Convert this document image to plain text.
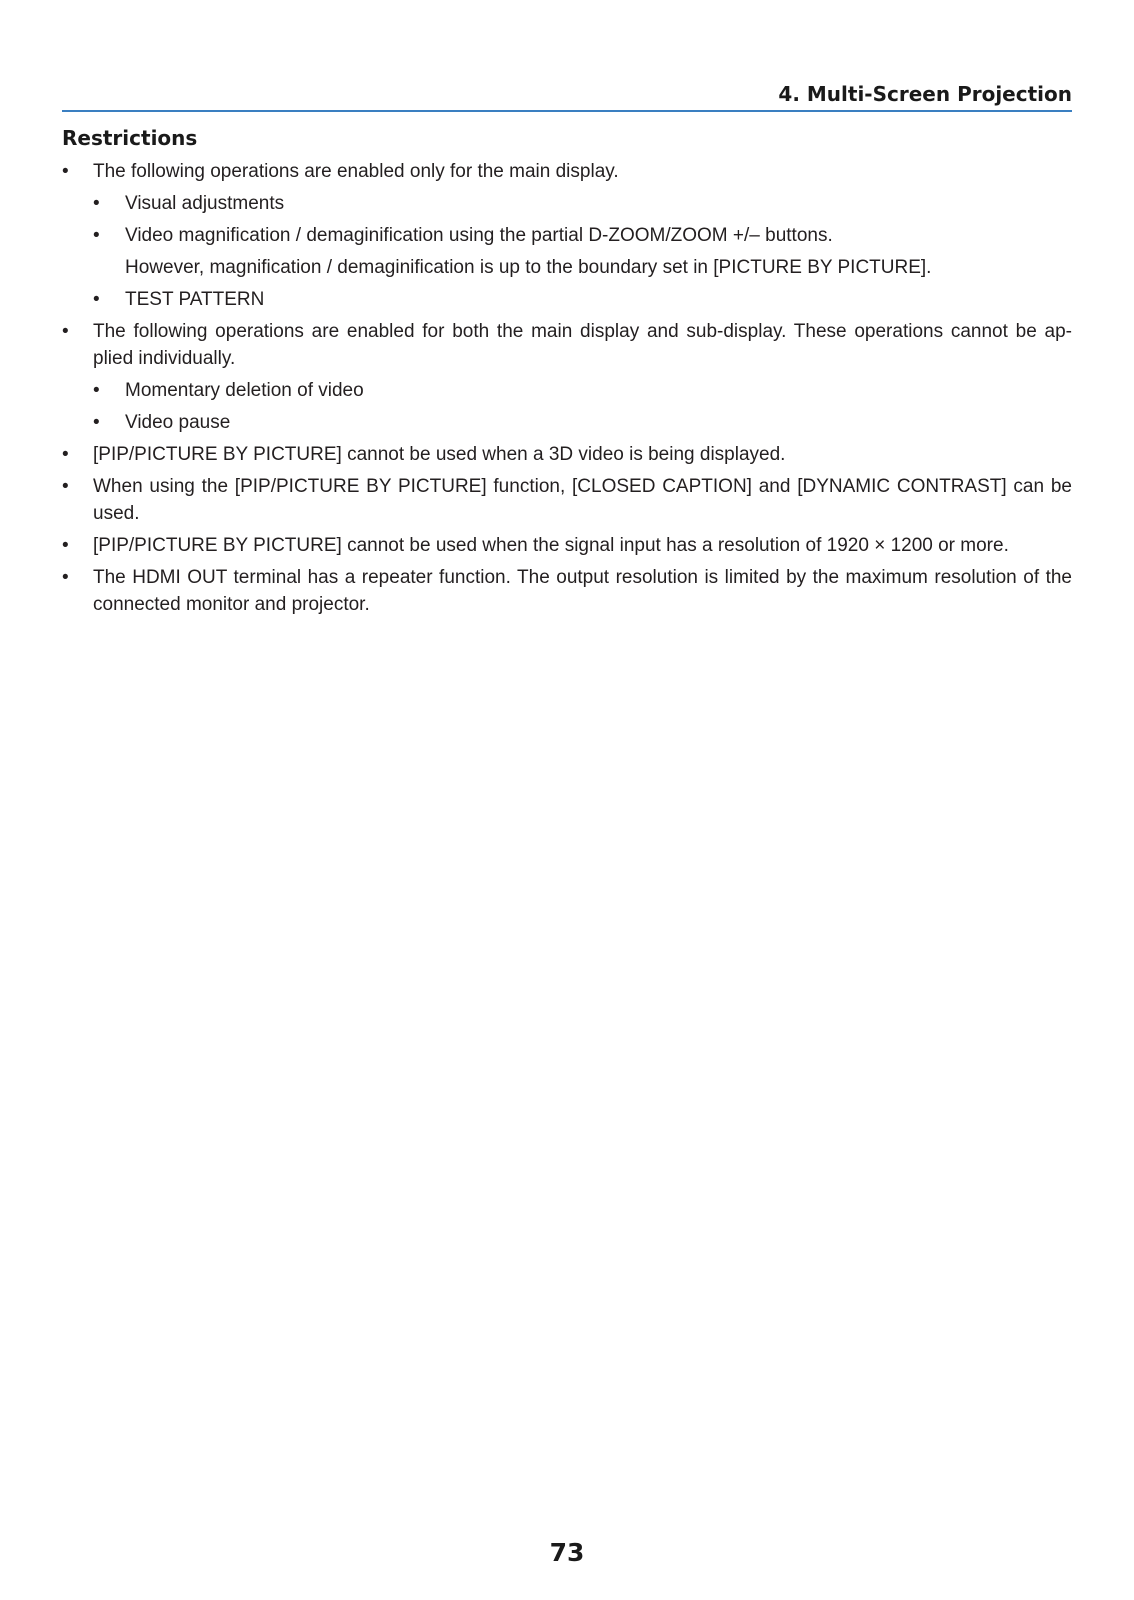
4. Multi-Screen Projection
Restrictions
• The following operations are enabled only for the main display.
• Visual adjustments
• Video magnification / demaginification using the partial D-ZOOM/ZOOM +/– buttons.
However, magnification / demaginification is up to the boundary set in [PICTURE BY PICTURE].
• TEST PATTERN
• The following operations are enabled for both the main display and sub-display. These operations cannot be ap-plied individually.
• Momentary deletion of video
• Video pause
• [PIP/PICTURE BY PICTURE] cannot be used when a 3D video is being displayed.
• When using the [PIP/PICTURE BY PICTURE] function, [CLOSED CAPTION] and [DYNAMIC CONTRAST] can be used.
• [PIP/PICTURE BY PICTURE] cannot be used when the signal input has a resolution of 1920 × 1200 or more.
• The HDMI OUT terminal has a repeater function. The output resolution is limited by the maximum resolution of the connected monitor and projector.
73
